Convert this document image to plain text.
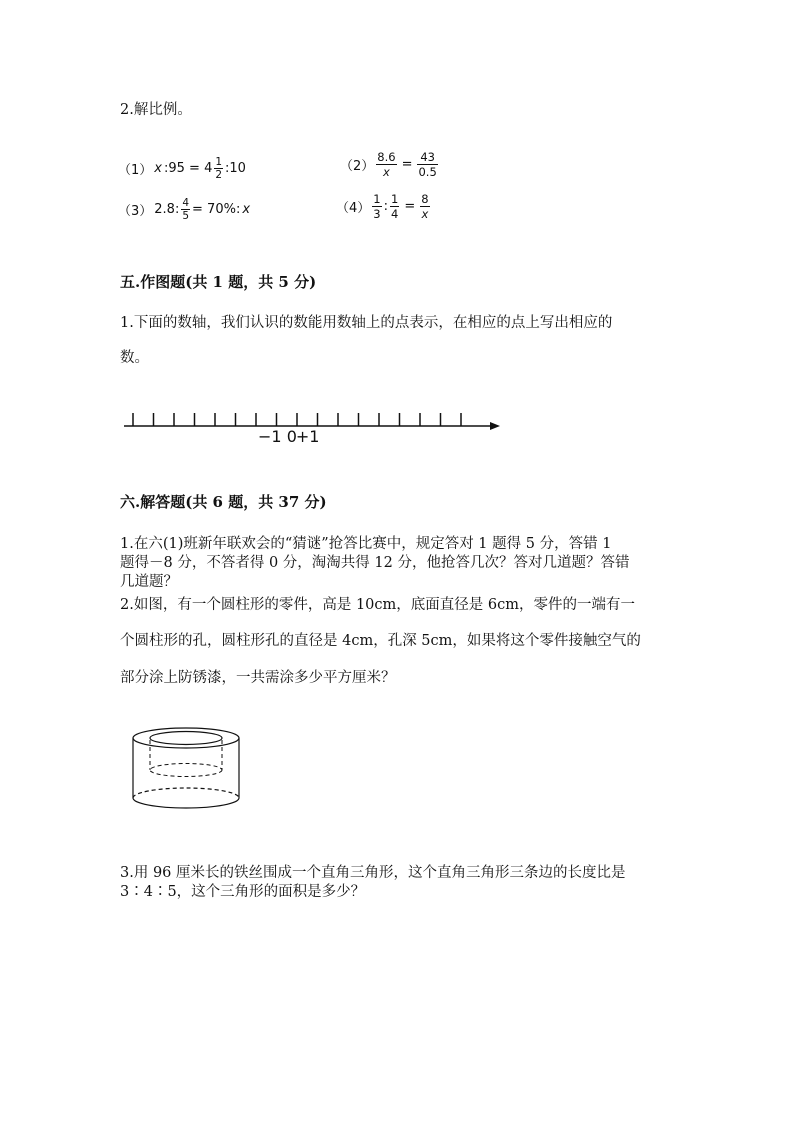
2.解比例。
（1） x :95 = $4 \frac{1}{2}$ :10	$(2) \frac{8.6}{x} = \frac{43}{0.5}$
（3） 2.8: $\frac{4}{5} = 70\%$: x	$(4) \frac{1}{3}$ : $\frac{1}{4} = \frac{8}{x}$
五.作图题(共 1 题，共 5 分)
1.下面的数轴，我们认识的数能用数轴上的点表示，在相应的点上写出相应的
数。
−1 0+1
六.解答题(共 6 题，共 37 分)
1.在六(1)班新年联欢会的“猜谜”抢答比赛中，规定答对 1 题得 5 分，答错 1
题得－8 分，不答者得 0 分，淘淘共得 12 分，他抢答几次？答对几道题？答错
几道题？
2.如图，有一个圆柱形的零件，高是 10cm，底面直径是 6cm，零件的一端有一
个圆柱形的孔，圆柱形孔的直径是 4cm，孔深 5cm，如果将这个零件接触空气的
部分涂上防锈漆，一共需涂多少平方厘米？
3.用 96 厘米长的铁丝围成一个直角三角形，这个直角三角形三条边的长度比是
3∶4∶5，这个三角形的面积是多少？
